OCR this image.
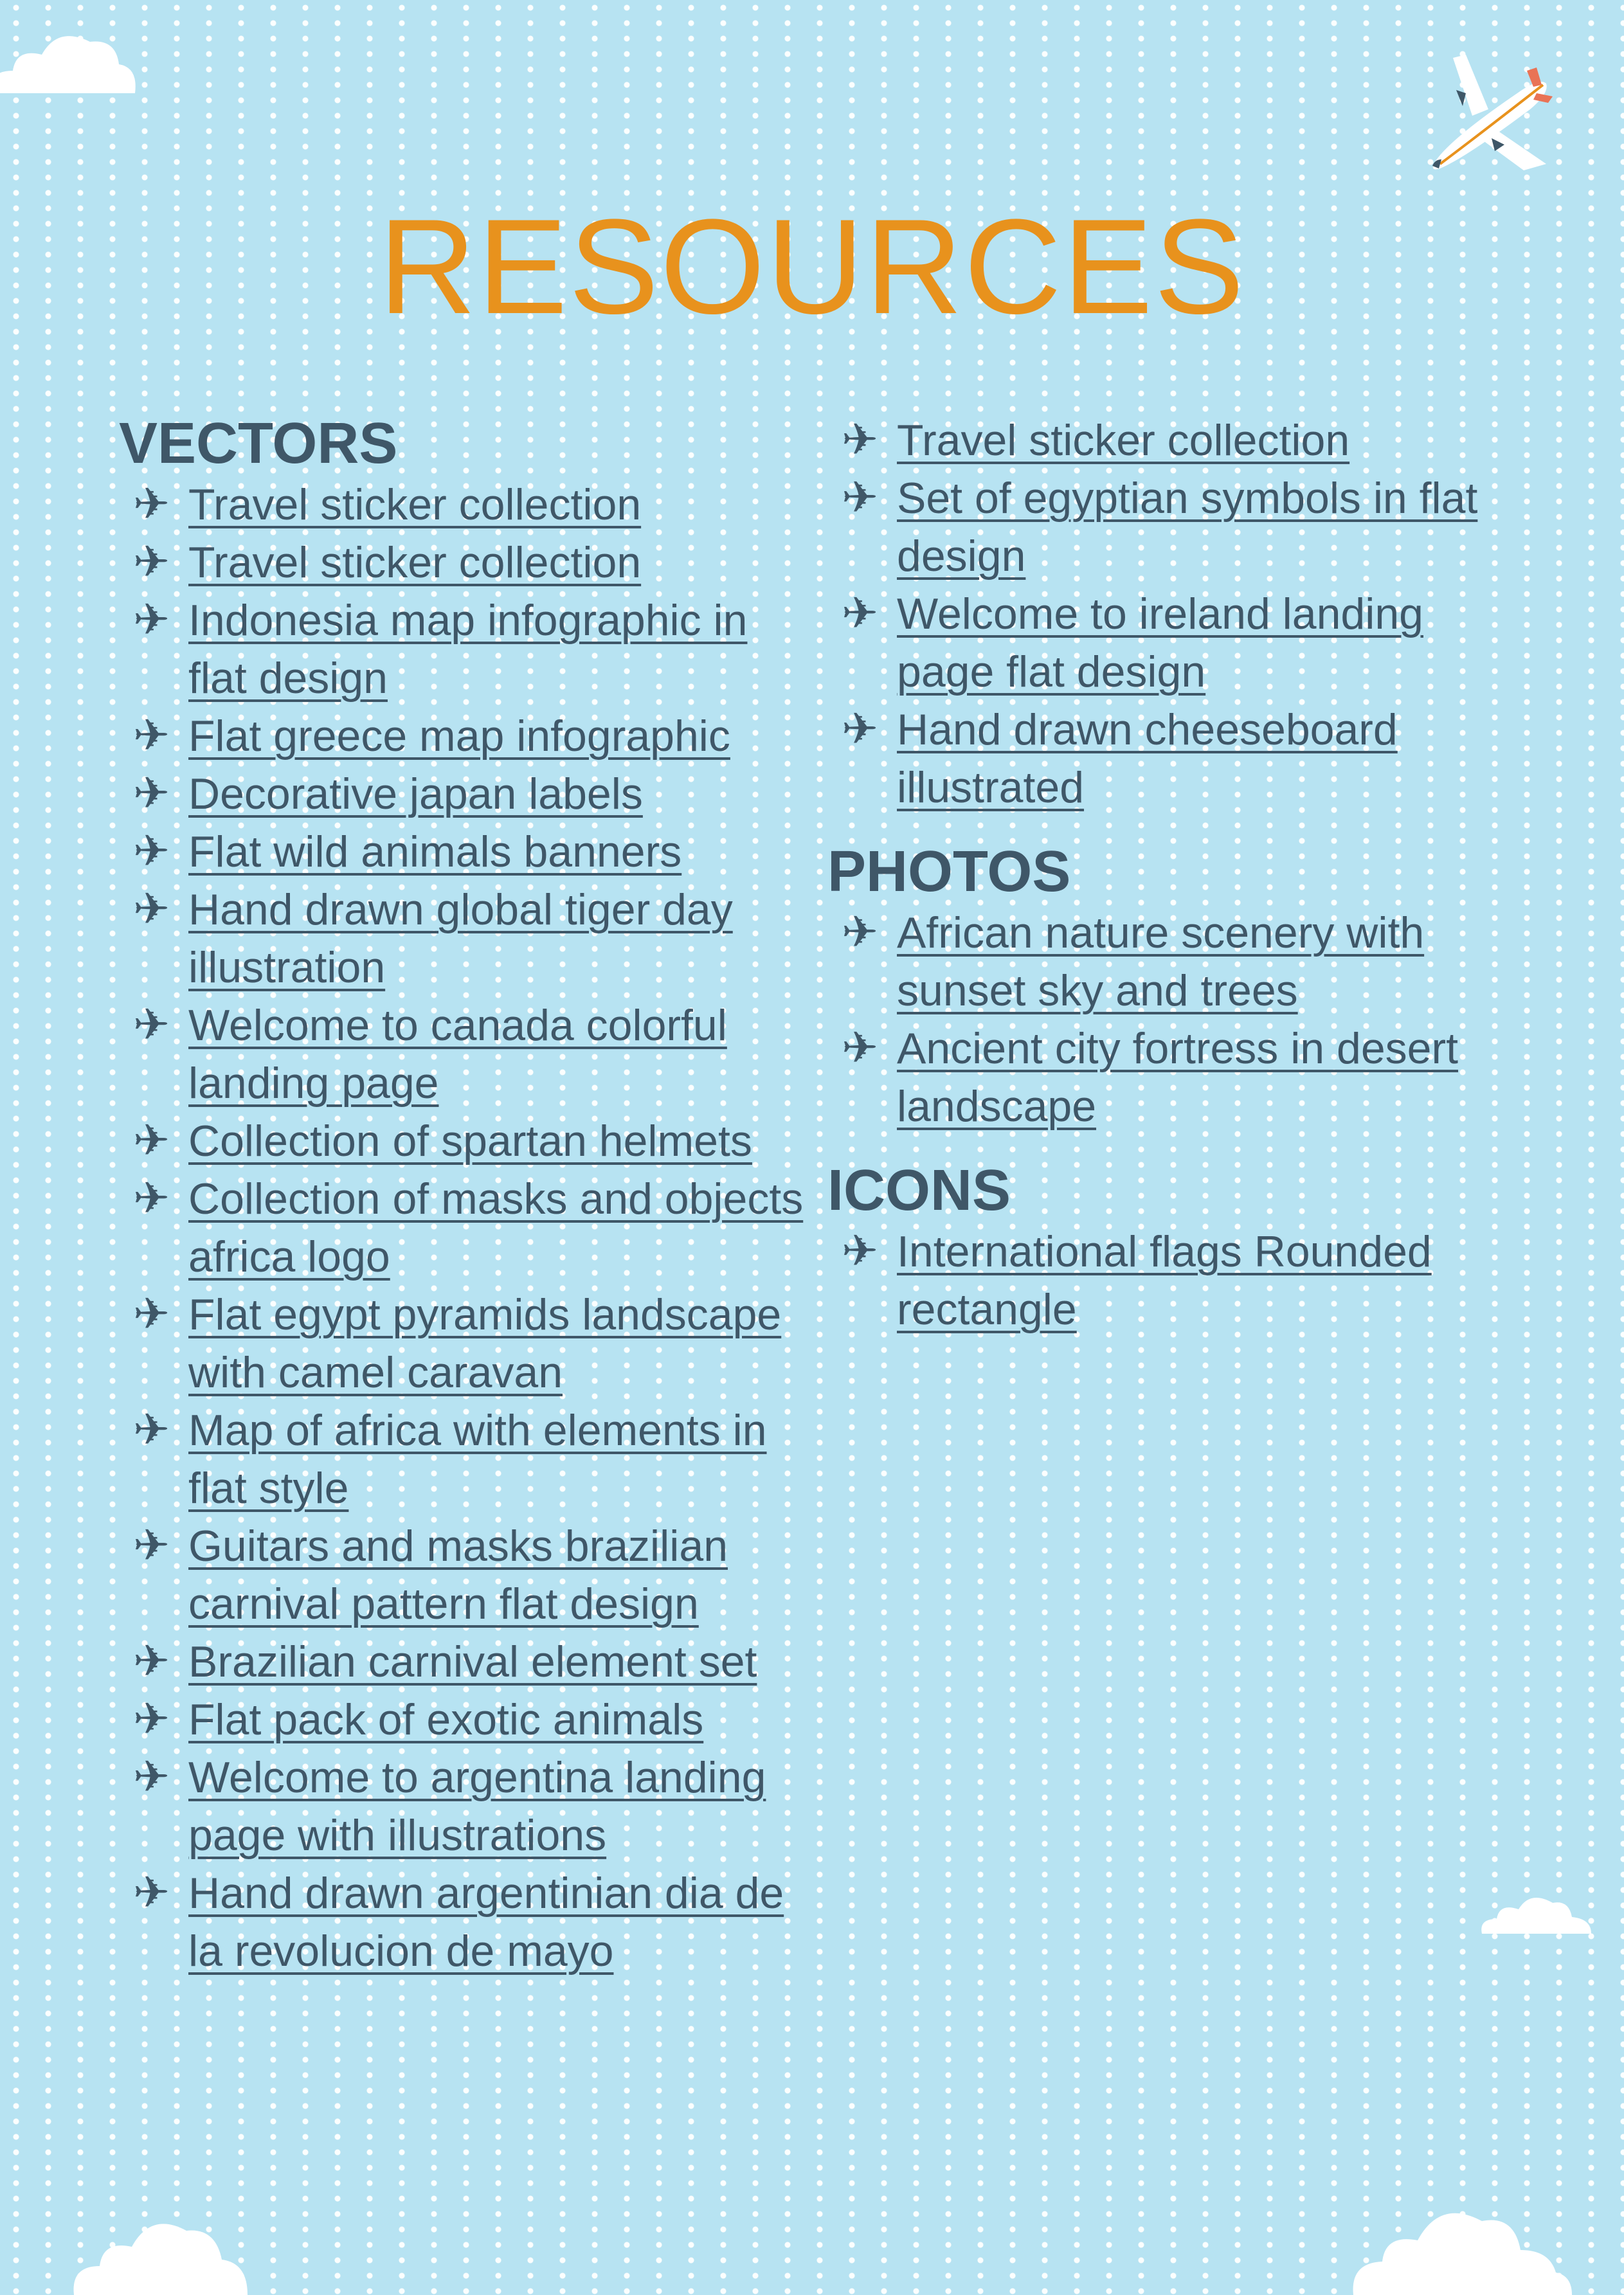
RESOURCES
VECTORS
✈ Travel sticker collection
✈ Travel sticker collection
✈ Indonesia map infographic in flat design
✈ Flat greece map infographic
✈ Decorative japan labels
✈ Flat wild animals banners
✈ Hand drawn global tiger day illustration
✈ Welcome to canada colorful landing page
✈ Collection of spartan helmets
✈ Collection of masks and objects africa logo
✈ Flat egypt pyramids landscape with camel caravan
✈ Map of africa with elements in flat style
✈ Guitars and masks brazilian carnival pattern flat design
✈ Brazilian carnival element set
✈ Flat pack of exotic animals
✈ Welcome to argentina landing page with illustrations
✈ Hand drawn argentinian dia de la revolucion de mayo
✈ Travel sticker collection
✈ Set of egyptian symbols in flat design
✈ Welcome to ireland landing page flat design
✈ Hand drawn cheeseboard illustrated
PHOTOS
✈ African nature scenery with sunset sky and trees
✈ Ancient city fortress in desert landscape
ICONS
✈ International flags Rounded rectangle
